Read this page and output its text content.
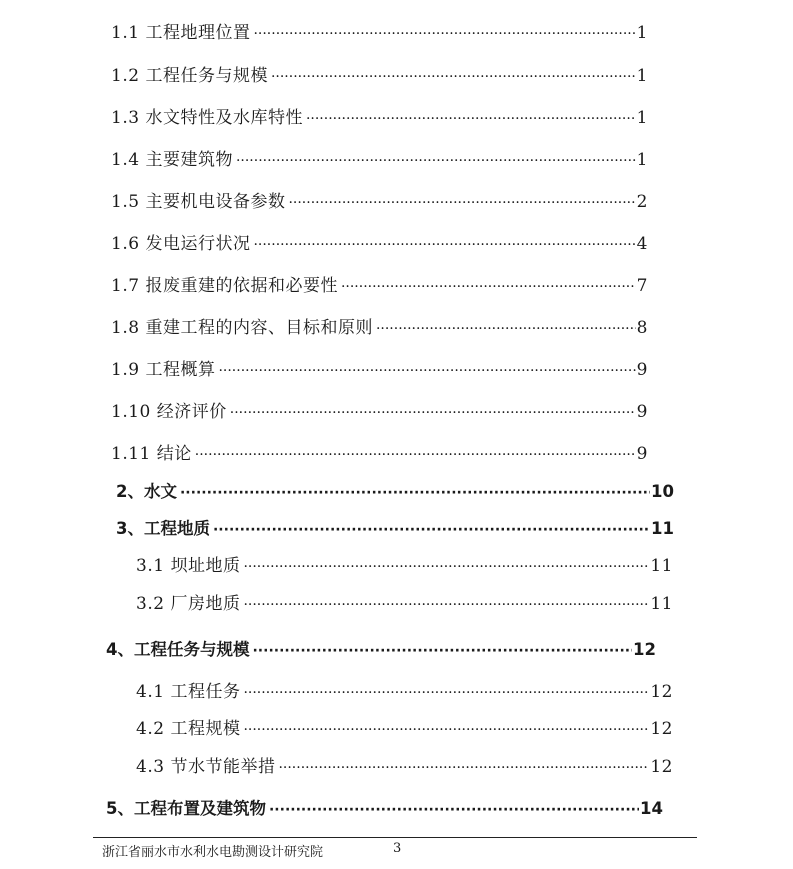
1.1 工程地理位置 ·····	1
1.2 工程任务与规模 ·····	1
1.3 水文特性及水库特性 ·····	1
1.4 主要建筑物 ·····	1
1.5 主要机电设备参数 ·····	2
1.6 发电运行状况 ·····	4
1.7 报废重建的依据和必要性 ·····	7
1.8 重建工程的内容、目标和原则 ·····	8
1.9 工程概算 ·····	9
1.10 经济评价 ·····	9
1.11 结论 ·····	9
2、水文 ·····	10
3、工程地质 ·····	11
3.1 坝址地质 ·····	11
3.2 厂房地质 ·····	11
4、工程任务与规模 ·····	12
4.1 工程任务 ·····	12
4.2 工程规模 ·····	12
4.3 节水节能举措 ·····	12
5、工程布置及建筑物 ·····	14
浙江省丽水市水利水电勘测设计研究院	3
